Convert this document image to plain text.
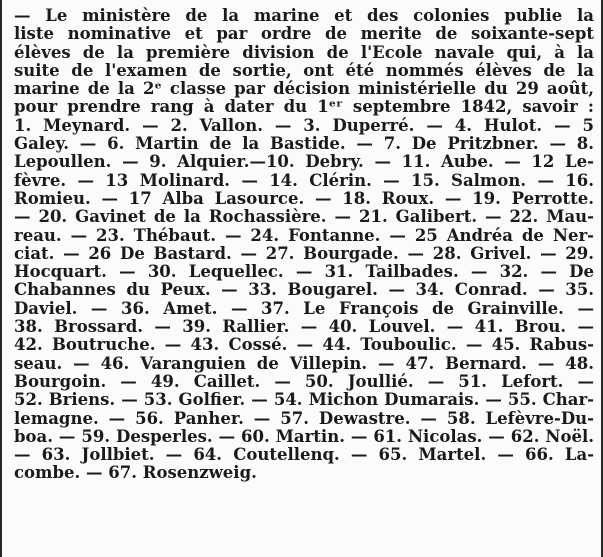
— Le ministère de la marine et des colonies publie la
liste nominative et par ordre de merite de soixante-sept
élèves de la première division de l'Ecole navale qui, à la
suite de l'examen de sortie, ont été nommés élèves de la
marine de la 2ᵉ classe par décision ministérielle du 29 août,
pour prendre rang à dater du 1ᵉʳ septembre 1842, savoir :
1. Meynard. — 2. Vallon. — 3. Duperré. — 4. Hulot. — 5
Galey. — 6. Martin de la Bastide. — 7. De Pritzbner. — 8.
Lepoullen. — 9. Alquier.—10. Debry. — 11. Aube. — 12 Le-
fèvre. — 13 Molinard. — 14. Clérin. — 15. Salmon. — 16.
Romieu. — 17 Alba Lasource. — 18. Roux. — 19. Perrotte.
— 20. Gavinet de la Rochassière. — 21. Galibert. — 22. Mau-
reau. — 23. Thébaut. — 24. Fontanne. — 25 Andréa de Ner-
ciat. — 26 De Bastard. — 27. Bourgade. — 28. Grivel. — 29.
Hocquart. — 30. Lequellec. — 31. Tailbades. — 32. — De
Chabannes du Peux. — 33. Bougarel. — 34. Conrad. — 35.
Daviel. — 36. Amet. — 37. Le François de Grainville. —
38. Brossard. — 39. Rallier. — 40. Louvel. — 41. Brou. —
42. Boutruche. — 43. Cossé. — 44. Touboulic. — 45. Rabus-
seau. — 46. Varanguien de Villepin. — 47. Bernard. — 48.
Bourgoin. — 49. Caillet. — 50. Joullié. — 51. Lefort. —
52. Briens. — 53. Golfier. — 54. Michon Dumarais. — 55. Char-
lemagne. — 56. Panher. — 57. Dewastre. — 58. Lefèvre-Du-
boa. — 59. Desperles. — 60. Martin. — 61. Nicolas. — 62. Noël.
— 63. Jollbiet. — 64. Coutellenq. — 65. Martel. — 66. La-
combe. — 67. Rosenzweig.
